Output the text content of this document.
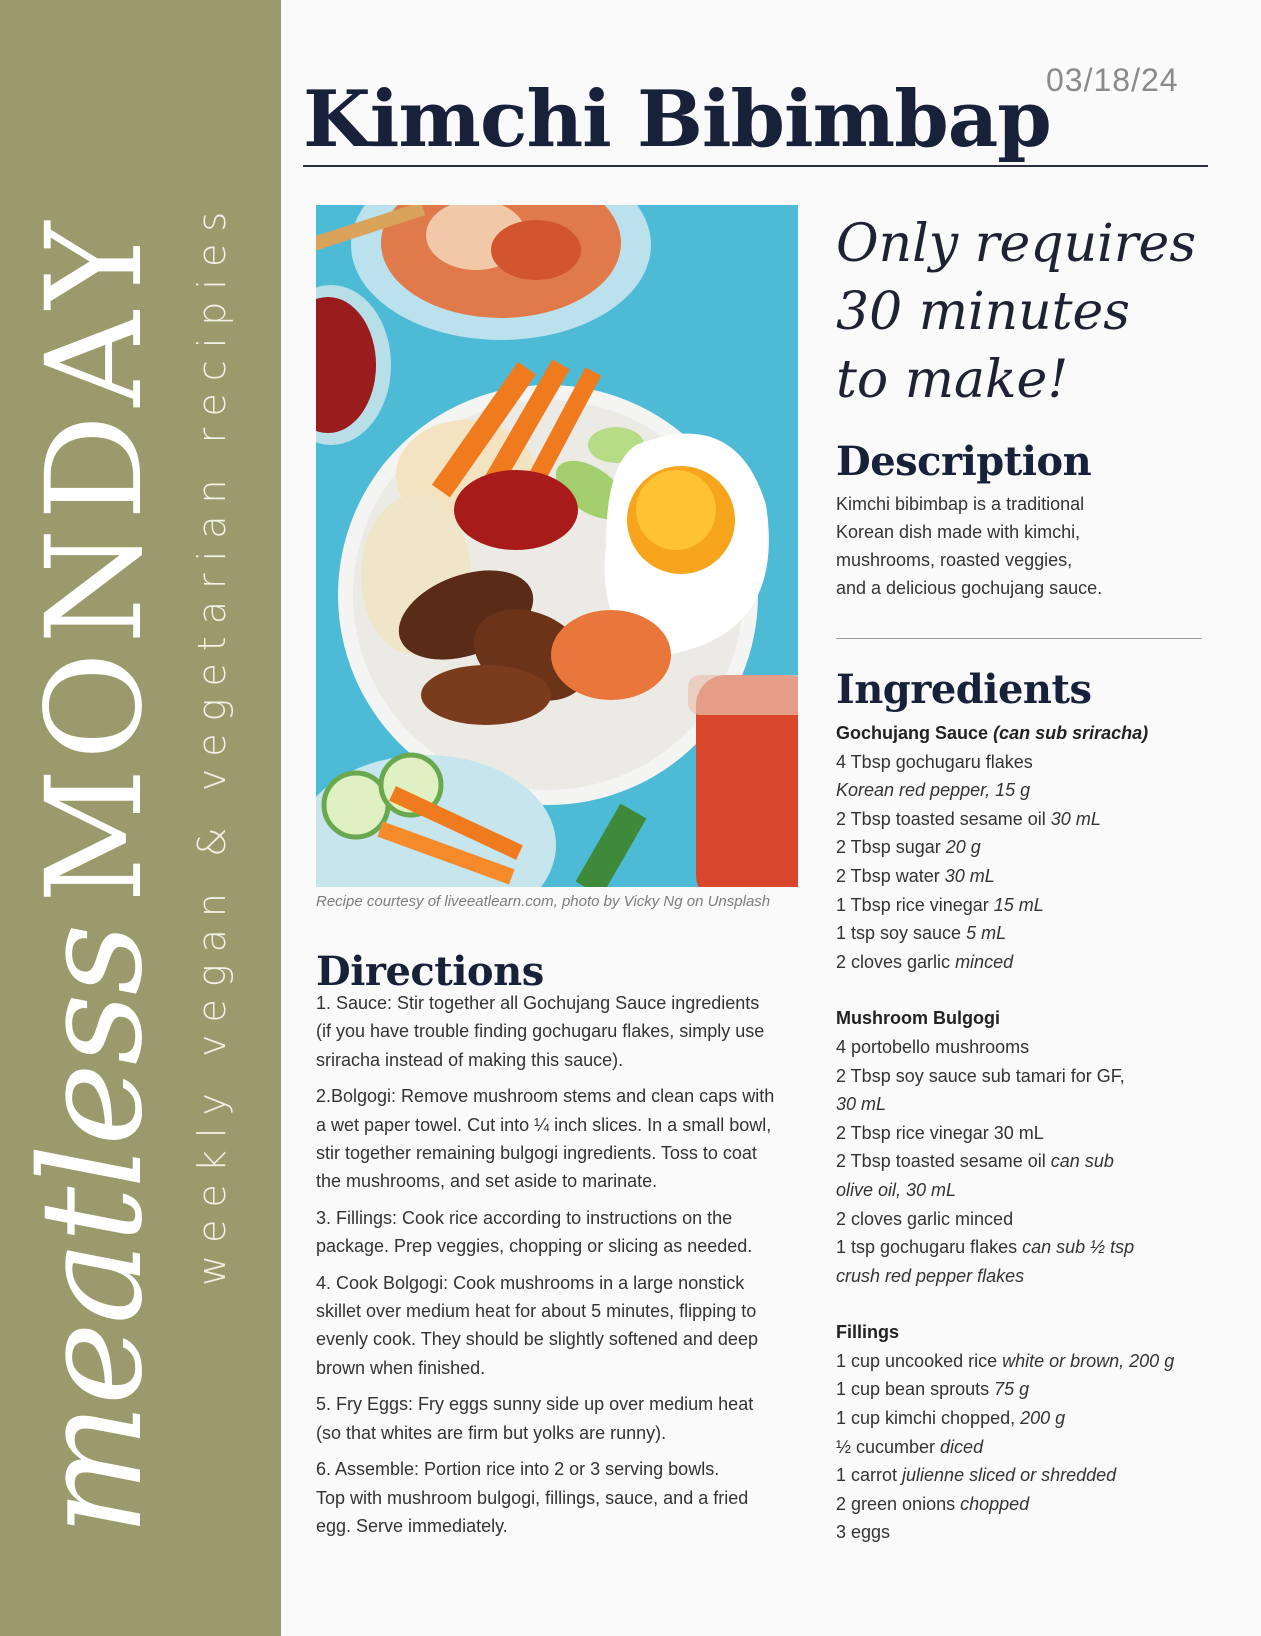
meatlessMONDAY weekly vegan & vegetarian recipies
03/18/24
Kimchi Bibimbap
Recipe courtesy of liveeatlearn.com, photo by Vicky Ng on Unsplash
Only requires
30 minutes
to make!
Description
Kimchi bibimbap is a traditional
Korean dish made with kimchi,
mushrooms, roasted veggies,
and a delicious gochujang sauce.
Ingredients
Gochujang Sauce (can sub sriracha)
4 Tbsp gochugaru flakes
Korean red pepper, 15 g
2 Tbsp toasted sesame oil 30 mL
2 Tbsp sugar 20 g
2 Tbsp water 30 mL
1 Tbsp rice vinegar 15 mL
1 tsp soy sauce 5 mL
2 cloves garlic minced
Mushroom Bulgogi
4 portobello mushrooms
2 Tbsp soy sauce sub tamari for GF,
30 mL
2 Tbsp rice vinegar 30 mL
2 Tbsp toasted sesame oil can sub
olive oil, 30 mL
2 cloves garlic minced
1 tsp gochugaru flakes can sub ½ tsp
crush red pepper flakes
Fillings
1 cup uncooked rice white or brown, 200 g
1 cup bean sprouts 75 g
1 cup kimchi chopped, 200 g
½ cucumber diced
1 carrot julienne sliced or shredded
2 green onions chopped
3 eggs
Directions
1. Sauce: Stir together all Gochujang Sauce ingredients
(if you have trouble finding gochugaru flakes, simply use
sriracha instead of making this sauce).
2.Bolgogi: Remove mushroom stems and clean caps with
a wet paper towel. Cut into ¼ inch slices. In a small bowl,
stir together remaining bulgogi ingredients. Toss to coat
the mushrooms, and set aside to marinate.
3. Fillings: Cook rice according to instructions on the
package. Prep veggies, chopping or slicing as needed.
4. Cook Bolgogi: Cook mushrooms in a large nonstick
skillet over medium heat for about 5 minutes, flipping to
evenly cook. They should be slightly softened and deep
brown when finished.
5. Fry Eggs: Fry eggs sunny side up over medium heat
(so that whites are firm but yolks are runny).
6. Assemble: Portion rice into 2 or 3 serving bowls.
Top with mushroom bulgogi, fillings, sauce, and a fried
egg. Serve immediately.
